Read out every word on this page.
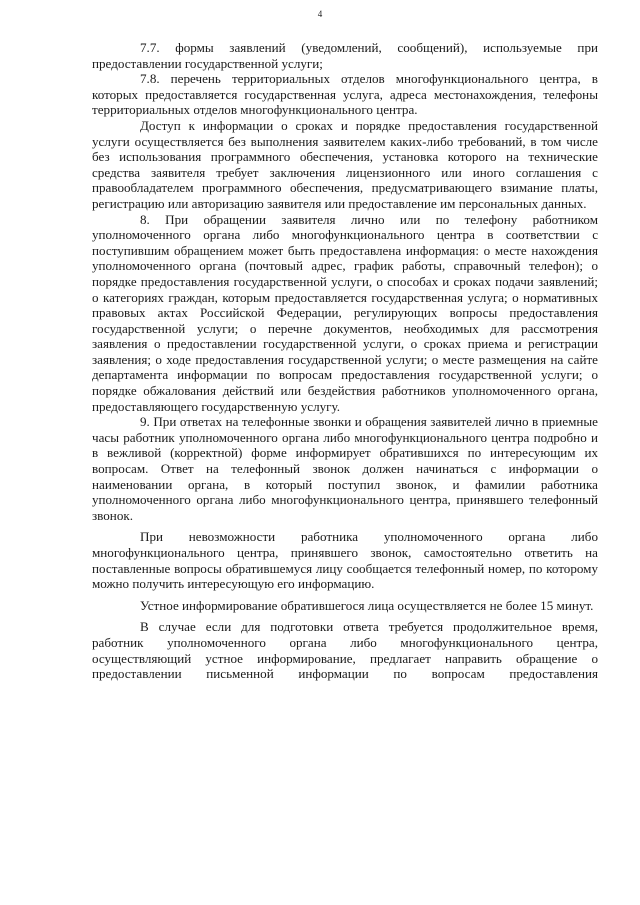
4

7.7. формы заявлений (уведомлений, сообщений), используемые при предоставлении государственной услуги;

7.8. перечень территориальных отделов многофункционального центра, в которых предоставляется государственная услуга, адреса местонахождения, телефоны территориальных отделов многофункционального центра.

Доступ к информации о сроках и порядке предоставления государственной услуги осуществляется без выполнения заявителем каких-либо требований, в том числе без использования программного обеспечения, установка которого на технические средства заявителя требует заключения лицензионного или иного соглашения с правообладателем программного обеспечения, предусматривающего взимание платы, регистрацию или авторизацию заявителя или предоставление им персональных данных.

8. При обращении заявителя лично или по телефону работником уполномоченного органа либо многофункционального центра в соответствии с поступившим обращением может быть предоставлена информация: о месте нахождения уполномоченного органа (почтовый адрес, график работы, справочный телефон); о порядке предоставления государственной услуги, о способах и сроках подачи заявлений; о категориях граждан, которым предоставляется государственная услуга; о нормативных правовых актах Российской Федерации, регулирующих вопросы предоставления государственной услуги; о перечне документов, необходимых для рассмотрения заявления о предоставлении государственной услуги, о сроках приема и регистрации заявления; о ходе предоставления государственной услуги; о месте размещения на сайте департамента информации по вопросам предоставления государственной услуги; о порядке обжалования действий или бездействия работников уполномоченного органа, предоставляющего государственную услугу.

9. При ответах на телефонные звонки и обращения заявителей лично в приемные часы работник уполномоченного органа либо многофункционального центра подробно и в вежливой (корректной) форме информирует обратившихся по интересующим их вопросам. Ответ на телефонный звонок должен начинаться с информации о наименовании органа, в который поступил звонок, и фамилии работника уполномоченного органа либо многофункционального центра, принявшего телефонный звонок.

При невозможности работника уполномоченного органа либо многофункционального центра, принявшего звонок, самостоятельно ответить на поставленные вопросы обратившемуся лицу сообщается телефонный номер, по которому можно получить интересующую его информацию.

Устное информирование обратившегося лица осуществляется не более 15 минут.

В случае если для подготовки ответа требуется продолжительное время, работник уполномоченного органа либо многофункционального центра, осуществляющий устное информирование, предлагает направить обращение о предоставлении письменной информации по вопросам предоставления
